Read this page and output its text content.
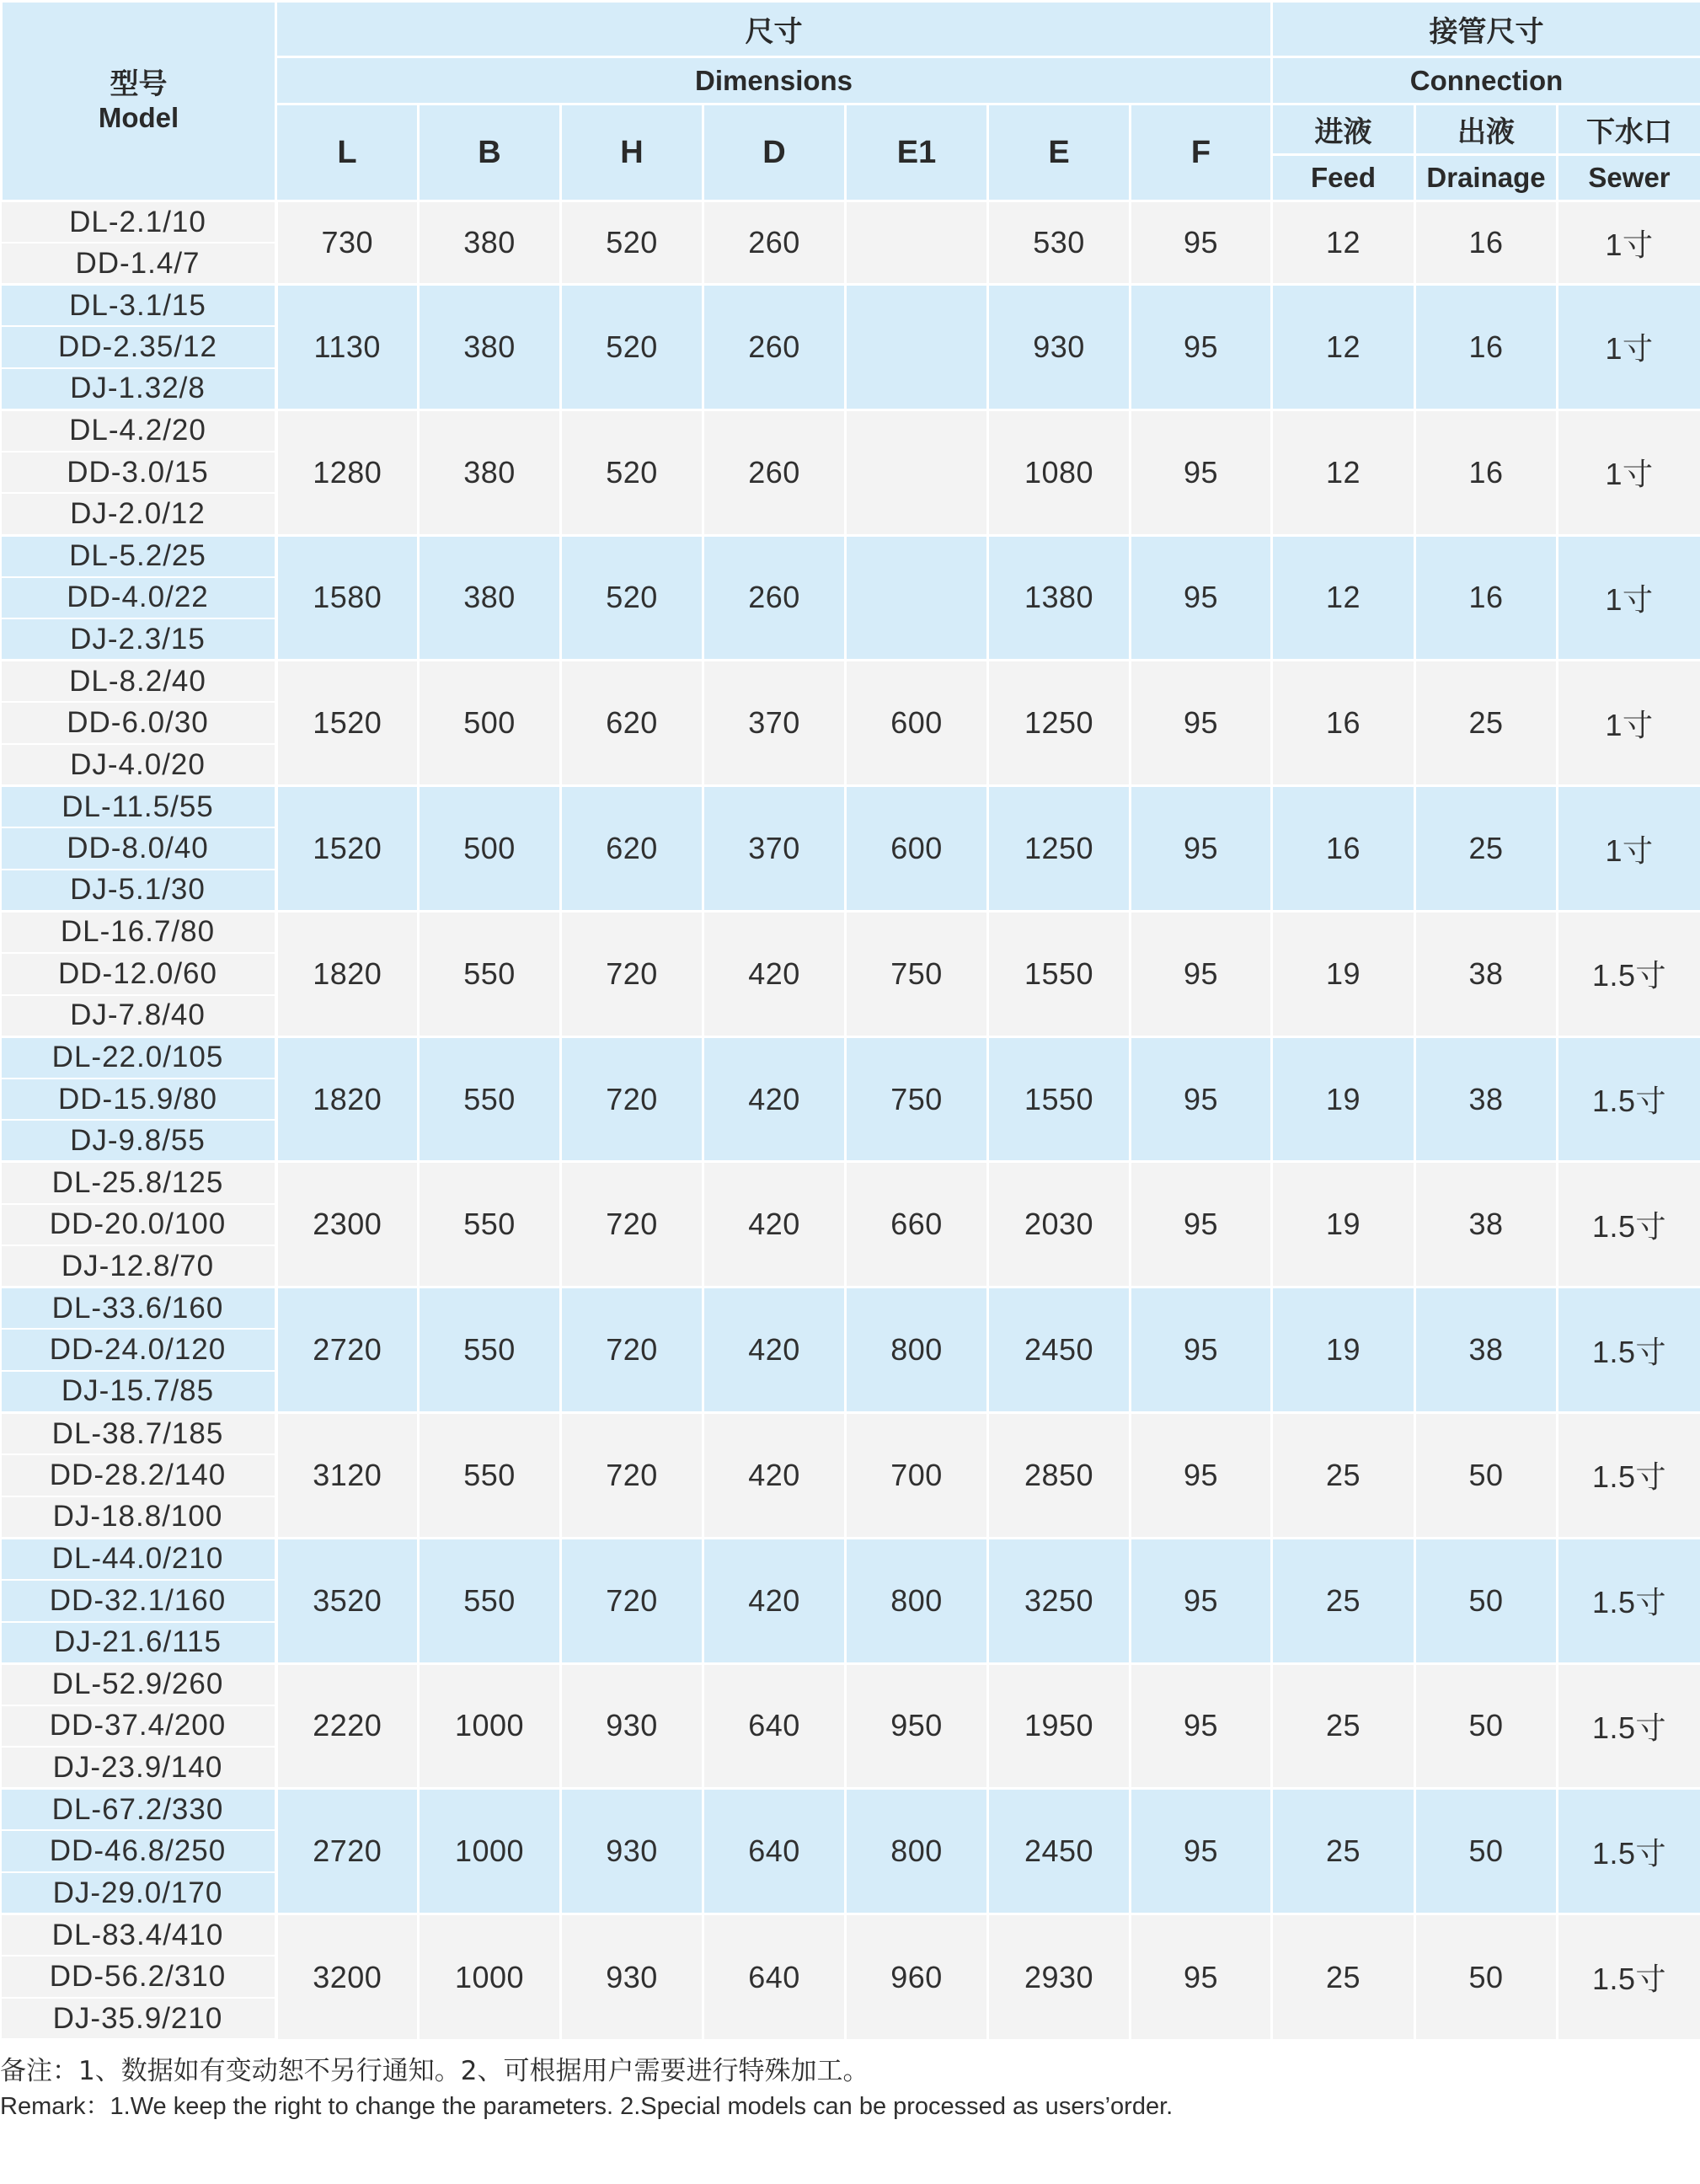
型号
Model	尺寸							接管尺寸		
	Dimensions							Connection		
	L	B	H	D	E1	E	F	进液	出液	下水口
								Feed	Drainage	Sewer
DL-2.1/10	730	380	520	260		530	95	12	16	1寸
DD-1.4/7										
DL-3.1/15	1130	380	520	260		930	95	12	16	1寸
DD-2.35/12										
DJ-1.32/8										
DL-4.2/20	1280	380	520	260		1080	95	12	16	1寸
DD-3.0/15										
DJ-2.0/12										
DL-5.2/25	1580	380	520	260		1380	95	12	16	1寸
DD-4.0/22										
DJ-2.3/15										
DL-8.2/40	1520	500	620	370	600	1250	95	16	25	1寸
DD-6.0/30										
DJ-4.0/20										
DL-11.5/55	1520	500	620	370	600	1250	95	16	25	1寸
DD-8.0/40										
DJ-5.1/30										
DL-16.7/80	1820	550	720	420	750	1550	95	19	38	1.5寸
DD-12.0/60										
DJ-7.8/40										
DL-22.0/105	1820	550	720	420	750	1550	95	19	38	1.5寸
DD-15.9/80										
DJ-9.8/55										
DL-25.8/125	2300	550	720	420	660	2030	95	19	38	1.5寸
DD-20.0/100										
DJ-12.8/70										
DL-33.6/160	2720	550	720	420	800	2450	95	19	38	1.5寸
DD-24.0/120										
DJ-15.7/85										
DL-38.7/185	3120	550	720	420	700	2850	95	25	50	1.5寸
DD-28.2/140										
DJ-18.8/100										
DL-44.0/210	3520	550	720	420	800	3250	95	25	50	1.5寸
DD-32.1/160										
DJ-21.6/115										
DL-52.9/260	2220	1000	930	640	950	1950	95	25	50	1.5寸
DD-37.4/200										
DJ-23.9/140										
DL-67.2/330	2720	1000	930	640	800	2450	95	25	50	1.5寸
DD-46.8/250										
DJ-29.0/170										
DL-83.4/410	3200	1000	930	640	960	2930	95	25	50	1.5寸
DD-56.2/310										
DJ-35.9/210										
备注：1、数据如有变动恕不另行通知。2、可根据用户需要进行特殊加工。
Remark：1.We keep the right to change the parameters. 2.Special models can be processed as users’order.
